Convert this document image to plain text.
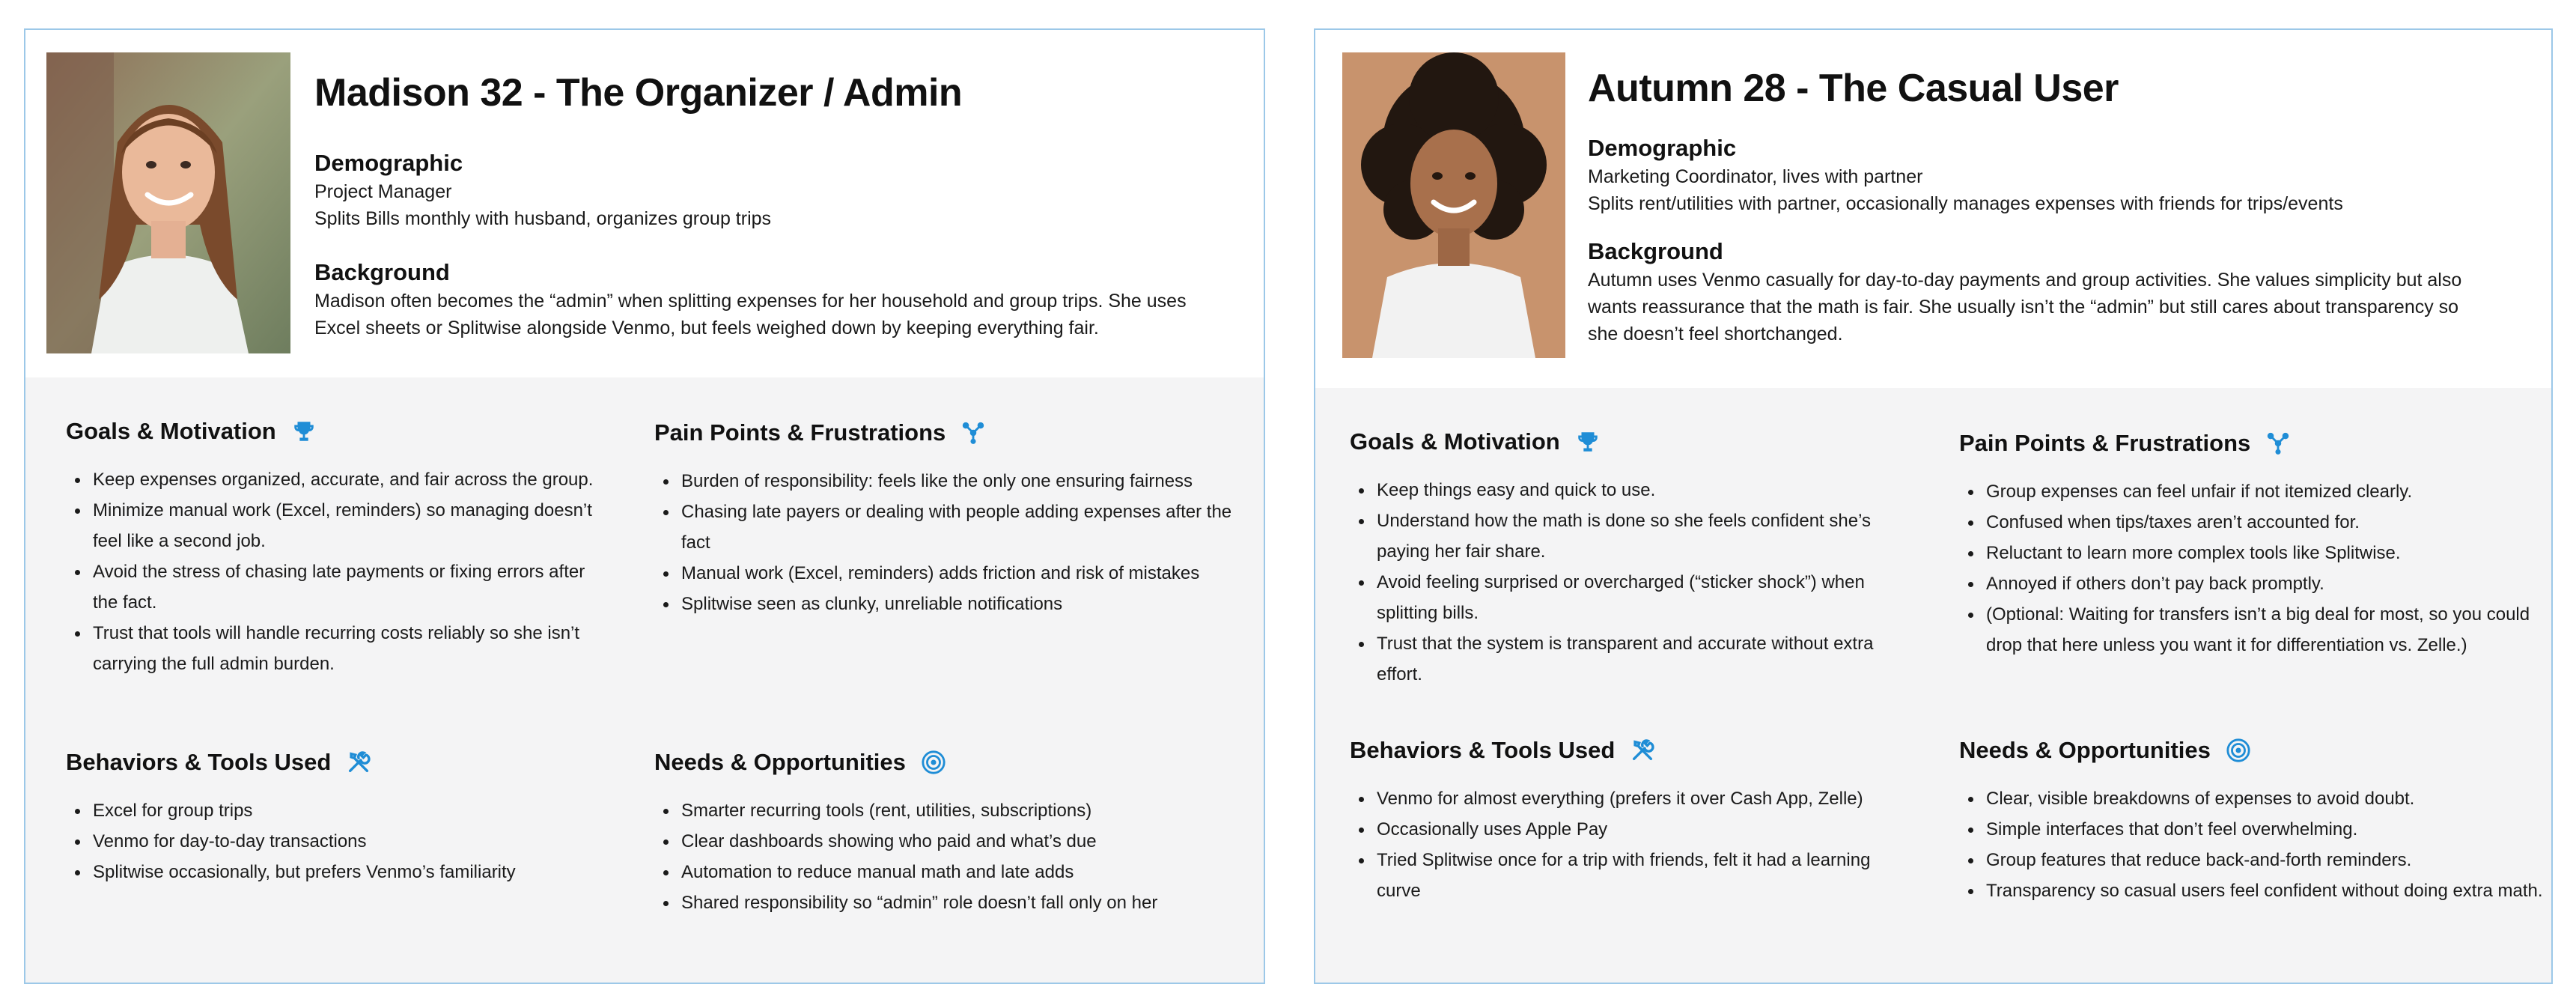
Madison 32 - The Organizer / Admin
Demographic
Project Manager
Splits Bills monthly with husband, organizes group trips
Background
Madison often becomes the “admin” when splitting expenses for her household and group trips. She uses
Excel sheets or Splitwise alongside Venmo, but feels weighed down by keeping everything fair.
Goals & Motivation
Keep expenses organized, accurate, and fair across the group.
Minimize manual work (Excel, reminders) so managing doesn’t feel like a second job.
Avoid the stress of chasing late payments or fixing errors after the fact.
Trust that tools will handle recurring costs reliably so she isn’t carrying the full admin burden.
Pain Points & Frustrations
Burden of responsibility: feels like the only one ensuring fairness
Chasing late payers or dealing with people adding expenses after the fact
Manual work (Excel, reminders) adds friction and risk of mistakes
Splitwise seen as clunky, unreliable notifications
Behaviors & Tools Used
Excel for group trips
Venmo for day-to-day transactions
Splitwise occasionally, but prefers Venmo’s familiarity
Needs & Opportunities
Smarter recurring tools (rent, utilities, subscriptions)
Clear dashboards showing who paid and what’s due
Automation to reduce manual math and late adds
Shared responsibility so “admin” role doesn’t fall only on her
Autumn 28 - The Casual User
Demographic
Marketing Coordinator, lives with partner
Splits rent/utilities with partner, occasionally manages expenses with friends for trips/events
Background
Autumn uses Venmo casually for day-to-day payments and group activities. She values simplicity but also
wants reassurance that the math is fair. She usually isn’t the “admin” but still cares about transparency so
she doesn’t feel shortchanged.
Goals & Motivation
Keep things easy and quick to use.
Understand how the math is done so she feels confident she’s paying her fair share.
Avoid feeling surprised or overcharged (“sticker shock”) when splitting bills.
Trust that the system is transparent and accurate without extra effort.
Pain Points & Frustrations
Group expenses can feel unfair if not itemized clearly.
Confused when tips/taxes aren’t accounted for.
Reluctant to learn more complex tools like Splitwise.
Annoyed if others don’t pay back promptly.
(Optional: Waiting for transfers isn’t a big deal for most, so you could drop that here unless you want it for differentiation vs. Zelle.)
Behaviors & Tools Used
Venmo for almost everything (prefers it over Cash App, Zelle)
Occasionally uses Apple Pay
Tried Splitwise once for a trip with friends, felt it had a learning curve
Needs & Opportunities
Clear, visible breakdowns of expenses to avoid doubt.
Simple interfaces that don’t feel overwhelming.
Group features that reduce back-and-forth reminders.
Transparency so casual users feel confident without doing extra math.
